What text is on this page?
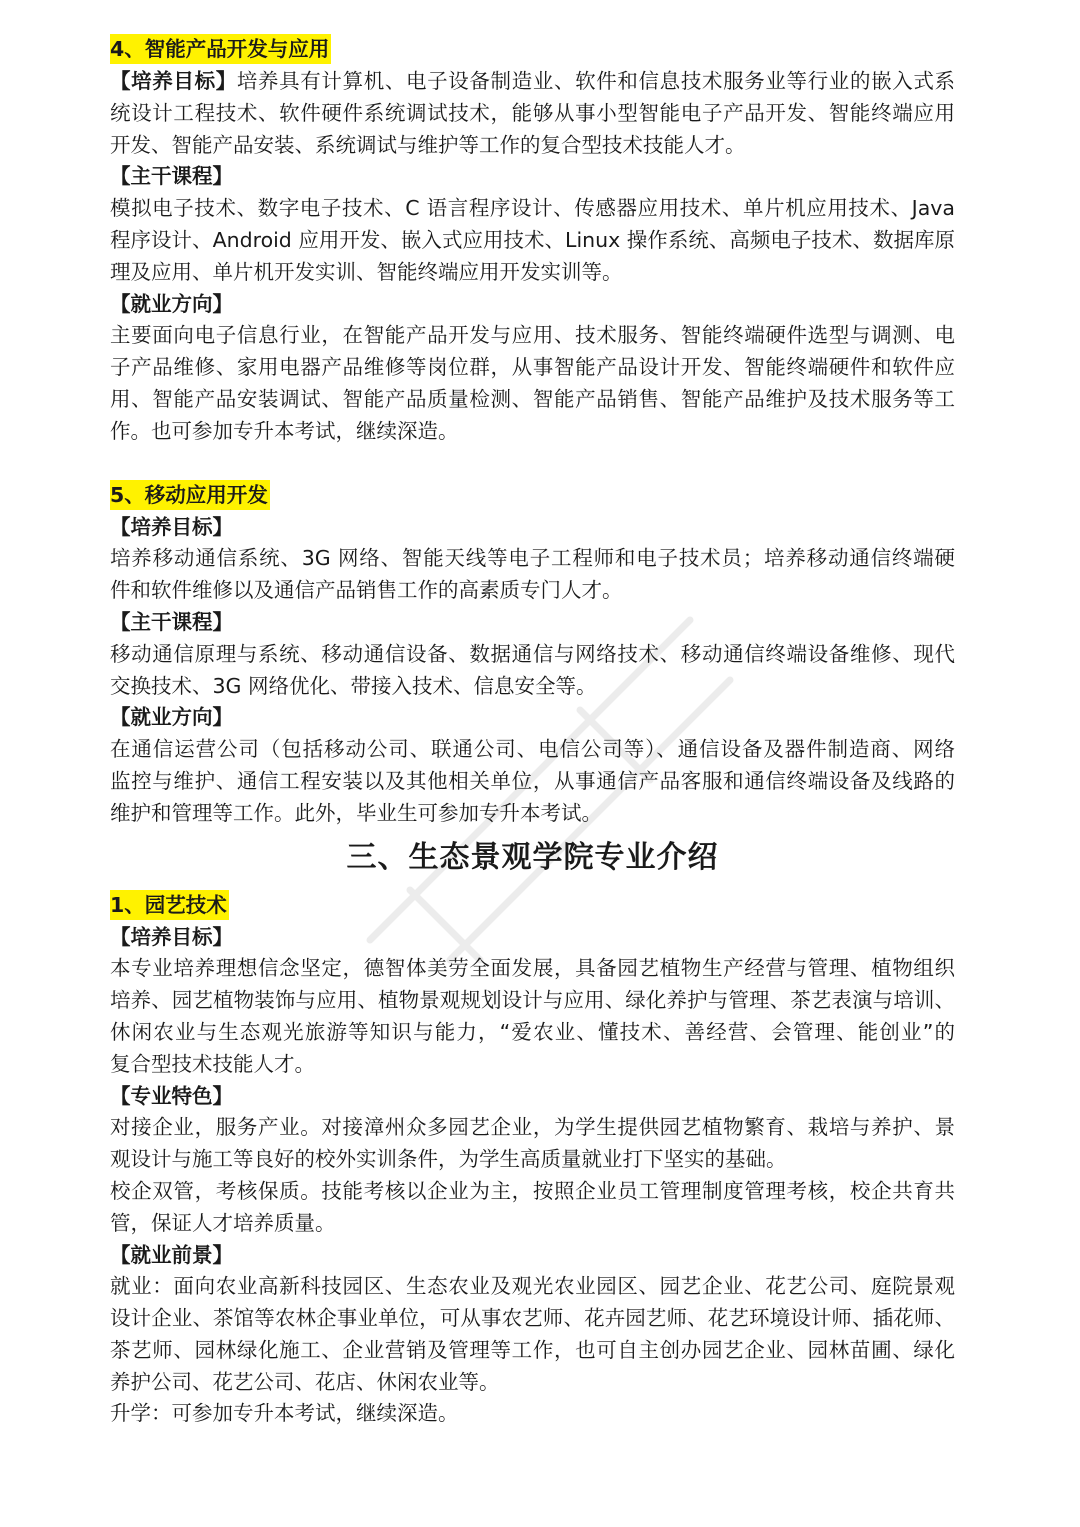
4、智能产品开发与应用
【培养目标】培养具有计算机、电子设备制造业、软件和信息技术服务业等行业的嵌入式系
统设计工程技术、软件硬件系统调试技术，能够从事小型智能电子产品开发、智能终端应用
开发、智能产品安装、系统调试与维护等工作的复合型技术技能人才。
【主干课程】
模拟电子技术、数字电子技术、C 语言程序设计、传感器应用技术、单片机应用技术、Java
程序设计、Android 应用开发、嵌入式应用技术、Linux 操作系统、高频电子技术、数据库原
理及应用、单片机开发实训、智能终端应用开发实训等。
【就业方向】
主要面向电子信息行业，在智能产品开发与应用、技术服务、智能终端硬件选型与调测、电
子产品维修、家用电器产品维修等岗位群，从事智能产品设计开发、智能终端硬件和软件应
用、智能产品安装调试、智能产品质量检测、智能产品销售、智能产品维护及技术服务等工
作。也可参加专升本考试，继续深造。
5、移动应用开发
【培养目标】
培养移动通信系统、3G 网络、智能天线等电子工程师和电子技术员；培养移动通信终端硬
件和软件维修以及通信产品销售工作的高素质专门人才。
【主干课程】
移动通信原理与系统、移动通信设备、数据通信与网络技术、移动通信终端设备维修、现代
交换技术、3G 网络优化、带接入技术、信息安全等。
【就业方向】
在通信运营公司（包括移动公司、联通公司、电信公司等）、通信设备及器件制造商、网络
监控与维护、通信工程安装以及其他相关单位，从事通信产品客服和通信终端设备及线路的
维护和管理等工作。此外，毕业生可参加专升本考试。
三、生态景观学院专业介绍
1、园艺技术
【培养目标】
本专业培养理想信念坚定，德智体美劳全面发展，具备园艺植物生产经营与管理、植物组织
培养、园艺植物装饰与应用、植物景观规划设计与应用、绿化养护与管理、茶艺表演与培训、
休闲农业与生态观光旅游等知识与能力，“爱农业、懂技术、善经营、会管理、能创业”的
复合型技术技能人才。
【专业特色】
对接企业，服务产业。对接漳州众多园艺企业，为学生提供园艺植物繁育、栽培与养护、景
观设计与施工等良好的校外实训条件，为学生高质量就业打下坚实的基础。
校企双管，考核保质。技能考核以企业为主，按照企业员工管理制度管理考核，校企共育共
管，保证人才培养质量。
【就业前景】
就业：面向农业高新科技园区、生态农业及观光农业园区、园艺企业、花艺公司、庭院景观
设计企业、茶馆等农林企事业单位，可从事农艺师、花卉园艺师、花艺环境设计师、插花师、
茶艺师、园林绿化施工、企业营销及管理等工作，也可自主创办园艺企业、园林苗圃、绿化
养护公司、花艺公司、花店、休闲农业等。
升学：可参加专升本考试，继续深造。
